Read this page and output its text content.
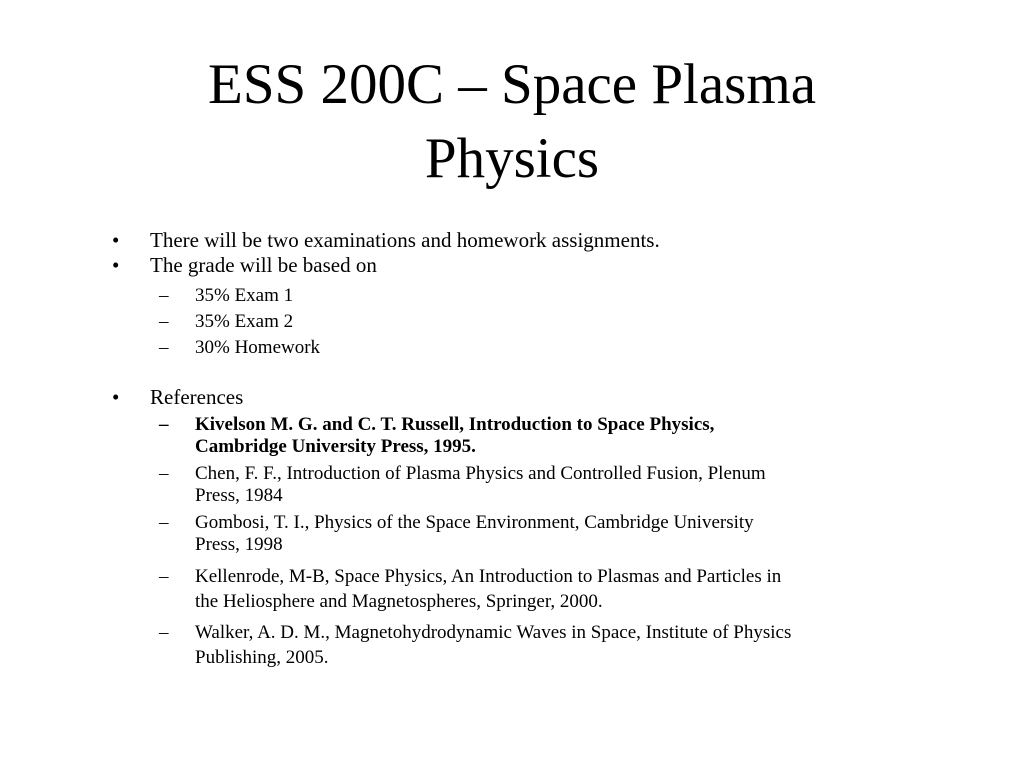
ESS 200C – Space Plasma
Physics
• There will be two examinations and homework assignments.
• The grade will be based on
– 35% Exam 1
– 35% Exam 2
– 30% Homework
• References
– Kivelson M. G. and C. T. Russell, Introduction to Space Physics,
Cambridge University Press, 1995.
– Chen, F. F., Introduction of Plasma Physics and Controlled Fusion, Plenum
Press, 1984
– Gombosi, T. I., Physics of the Space Environment, Cambridge University
Press, 1998
– Kellenrode, M-B, Space Physics, An Introduction to Plasmas and Particles in
the Heliosphere and Magnetospheres, Springer, 2000.
– Walker, A. D. M., Magnetohydrodynamic Waves in Space, Institute of Physics
Publishing, 2005.
